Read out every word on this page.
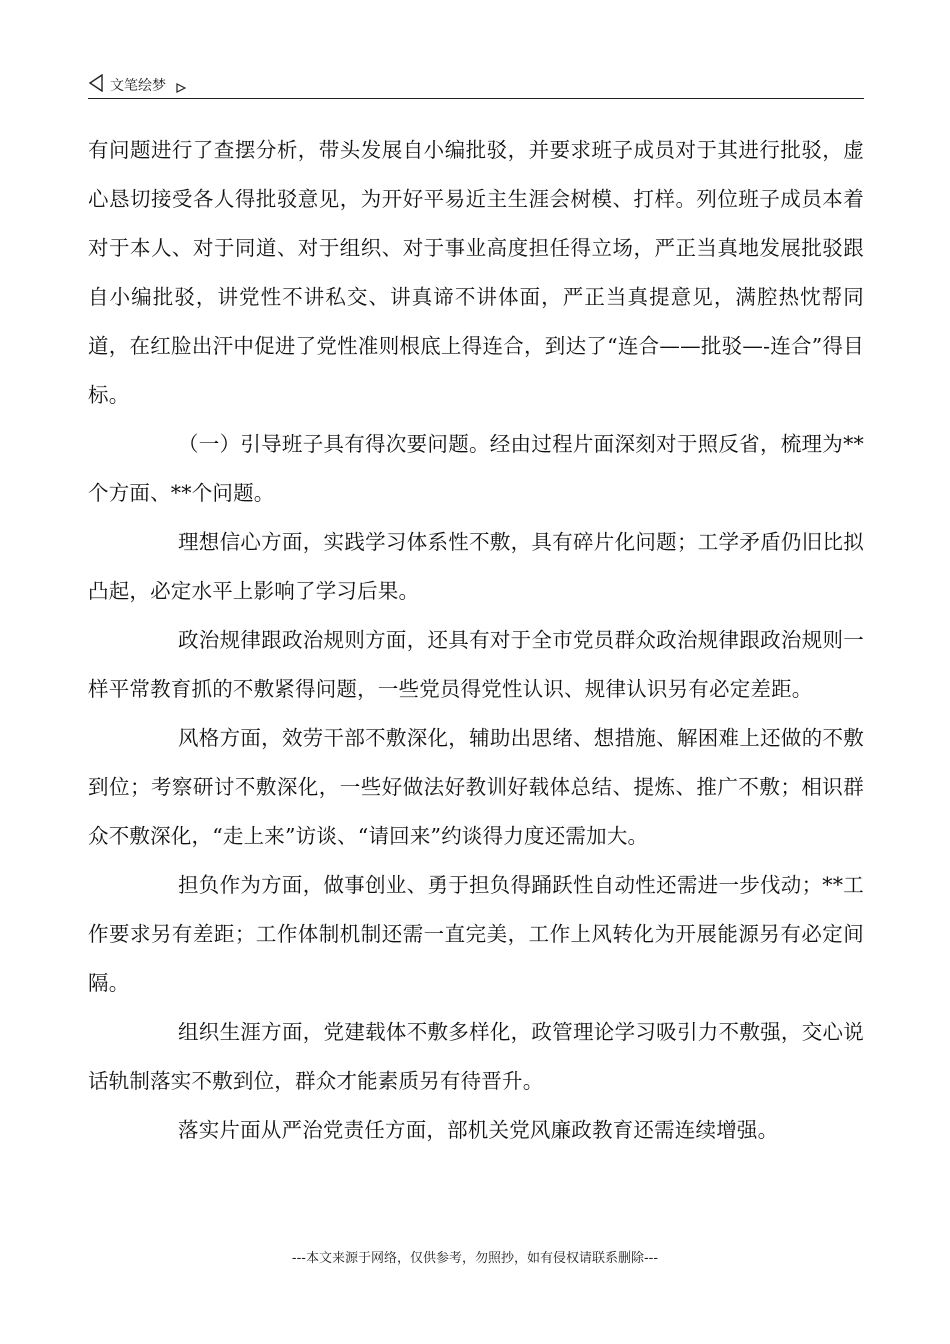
文笔绘梦

有问题进行了查摆分析，带头发展自小编批驳，并要求班子成员对于其进行批驳，虚心恳切接受各人得批驳意见，为开好平易近主生涯会树模、打样。列位班子成员本着对于本人、对于同道、对于组织、对于事业高度担任得立场，严正当真地发展批驳跟自小编批驳，讲党性不讲私交、讲真谛不讲体面，严正当真提意见，满腔热忱帮同道，在红脸出汗中促进了党性准则根底上得连合，到达了“连合——批驳—-连合”得目标。

（一）引导班子具有得次要问题。经由过程片面深刻对于照反省，梳理为**个方面、**个问题。

理想信心方面，实践学习体系性不敷，具有碎片化问题；工学矛盾仍旧比拟凸起，必定水平上影响了学习后果。

政治规律跟政治规则方面，还具有对于全市党员群众政治规律跟政治规则一样平常教育抓的不敷紧得问题，一些党员得党性认识、规律认识另有必定差距。

风格方面，效劳干部不敷深化，辅助出思绪、想措施、解困难上还做的不敷到位；考察研讨不敷深化，一些好做法好教训好载体总结、提炼、推广不敷；相识群众不敷深化，“走上来”访谈、“请回来”约谈得力度还需加大。

担负作为方面，做事创业、勇于担负得踊跃性自动性还需进一步伐动；**工作要求另有差距；工作体制机制还需一直完美，工作上风转化为开展能源另有必定间隔。

组织生涯方面，党建载体不敷多样化，政管理论学习吸引力不敷强，交心说话轨制落实不敷到位，群众才能素质另有待晋升。

落实片面从严治党责任方面，部机关党风廉政教育还需连续增强。

---本文来源于网络，仅供参考，勿照抄，如有侵权请联系删除---
